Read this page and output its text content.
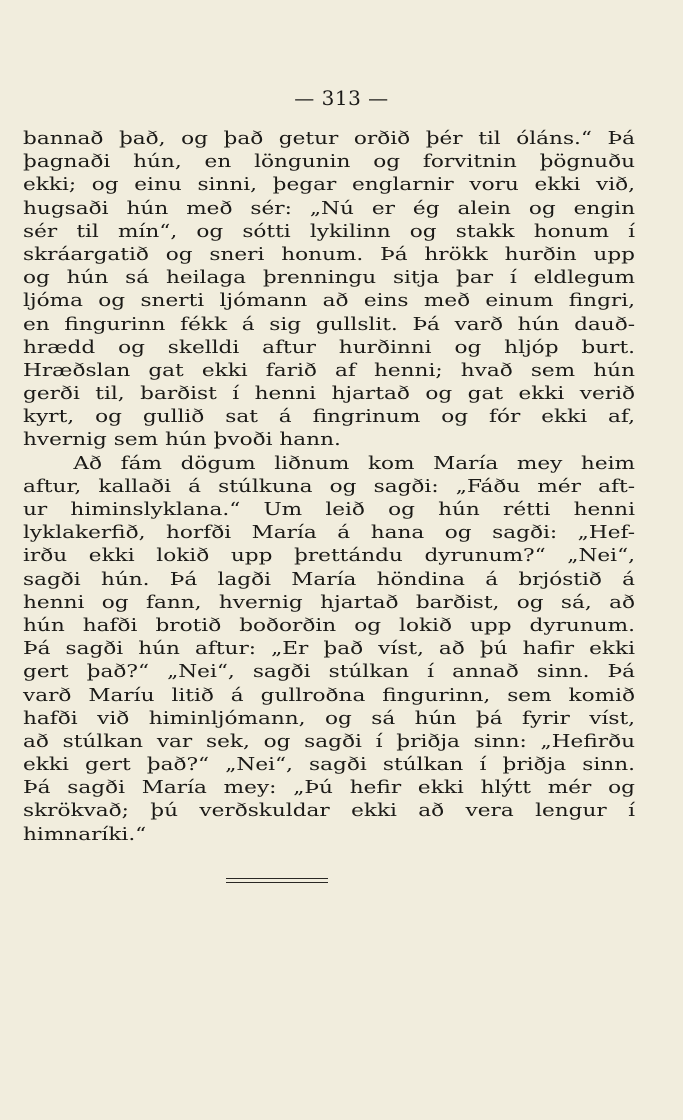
— 313 —
bannað það, og það getur orðið þér til óláns.“ Þá
þagnaði hún, en löngunin og forvitnin þögnuðu
ekki; og einu sinni, þegar englarnir voru ekki við,
hugsaði hún með sér: „Nú er ég alein og engin
sér til mín“, og sótti lykilinn og stakk honum í
skráargatið og sneri honum. Þá hrökk hurðin upp
og hún sá heilaga þrenningu sitja þar í eldlegum
ljóma og snerti ljómann að eins með einum fingri,
en fingurinn fékk á sig gullslit. Þá varð hún dauð-
hrædd og skelldi aftur hurðinni og hljóp burt.
Hræðslan gat ekki farið af henni; hvað sem hún
gerði til, barðist í henni hjartað og gat ekki verið
kyrt, og gullið sat á fingrinum og fór ekki af,
hvernig sem hún þvoði hann.
Að fám dögum liðnum kom María mey heim
aftur, kallaði á stúlkuna og sagði: „Fáðu mér aft-
ur himinslyklana.“ Um leið og hún rétti henni
lyklakerfið, horfði María á hana og sagði: „Hef-
irðu ekki lokið upp þrettándu dyrunum?“ „Nei“,
sagði hún. Þá lagði María höndina á brjóstið á
henni og fann, hvernig hjartað barðist, og sá, að
hún hafði brotið boðorðin og lokið upp dyrunum.
Þá sagði hún aftur: „Er það víst, að þú hafir ekki
gert það?“ „Nei“, sagði stúlkan í annað sinn. Þá
varð Maríu litið á gullroðna fingurinn, sem komið
hafði við himinljómann, og sá hún þá fyrir víst,
að stúlkan var sek, og sagði í þriðja sinn: „Hefirðu
ekki gert það?“ „Nei“, sagði stúlkan í þriðja sinn.
Þá sagði María mey: „Þú hefir ekki hlýtt mér og
skrökvað; þú verðskuldar ekki að vera lengur í
himnaríki.“
